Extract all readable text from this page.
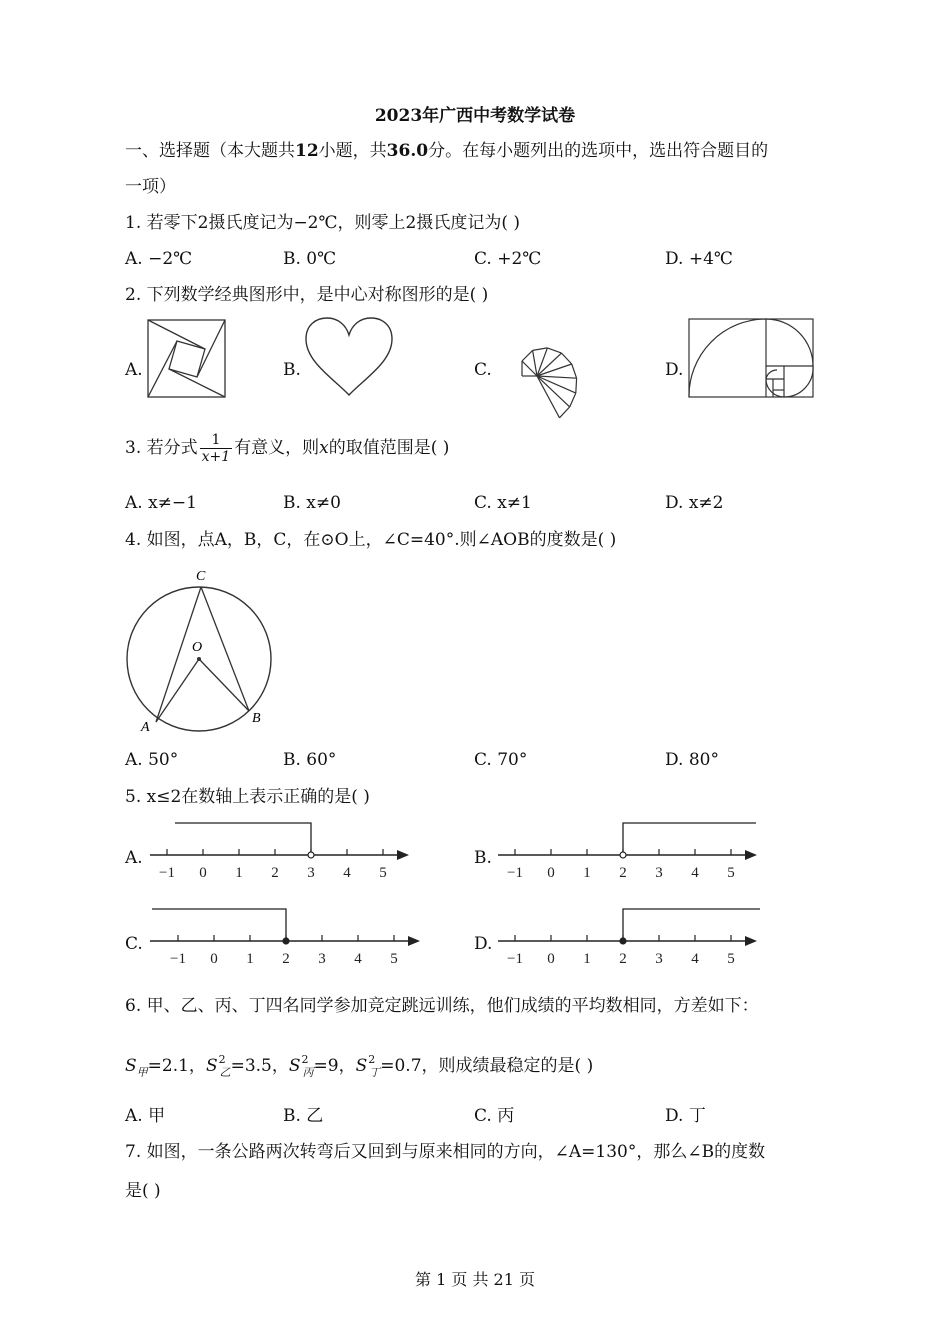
2023年广西中考数学试卷
一、选择题（本大题共12小题，共36.0分。在每小题列出的选项中，选出符合题目的
一项）
1. 若零下2摄氏度记为−2℃，则零上2摄氏度记为( )
A. −2℃	B. 0℃	C. +2℃	D. +4℃
2. 下列数学经典图形中，是中心对称图形的是( )
A.	B.	C.	D.
3. 若分式 $\frac{1}{x+1}$ 有意义，则x的取值范围是( )
A. x≠−1	B. x≠0	C. x≠1	D. x≠2
4. 如图，点A，B，C，在⊙O上，∠C=40°.则∠AOB的度数是( )
C
O
A
B
A. 50°	B. 60°	C. 70°	D. 80°
5. x≤2在数轴上表示正确的是( )
A.	B.
C.	D.
−1 0 1 2 3 4 5	−1 0 1 2 3 4 5
−1 0 1 2 3 4 5	−1 0 1 2 3 4 5
6. 甲、乙、丙、丁四名同学参加竞定跳远训练，他们成绩的平均数相同，方差如下：
$S_甲=2.1$，$S^2_乙=3.5$，$S^2_丙=9$，$S^2_丁=0.7$，则成绩最稳定的是( )
A. 甲	B. 乙	C. 丙	D. 丁
7. 如图，一条公路两次转弯后又回到与原来相同的方向，∠A=130°，那么∠B的度数
是( )
第 1 页 共 21 页
